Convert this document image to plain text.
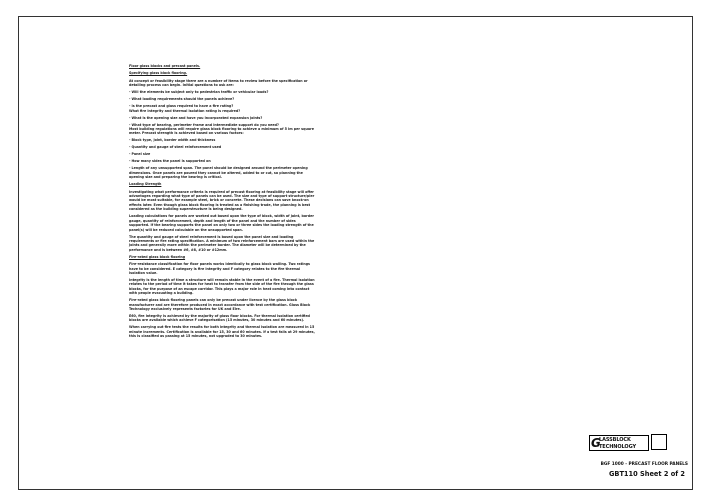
Floor glass blocks and precast panels.

Specifying glass block flooring.

At concept or feasibility stage there are a number of items to review before the specification or detailing process can begin. Initial questions to ask are:

- Will the elements be subject only to pedestrian traffic or vehicular loads?

- What loading requirements should the panels achieve?

- Is the precast and glass required to have a fire rating?
What fire integrity and thermal isolation rating is required?

- What is the opening size and have you incorporated expansion joints?

- What type of bearing, perimeter frame and intermediate support do you need?
Most building regulations will require glass block flooring to achieve a minimum of 5 lm per square meter. Precast strength is achieved based on various factors:

- Block type, joint, border width and thickness

- Quantity and gauge of steel reinforcement used

- Panel size

- How many sides the panel is supported on

- Length of any unsupported span. The panel should be designed around the perimeter opening dimensions. Once panels are poured they cannot be altered, added to or cut, so planning the opening size and preparing the bearing is critical.

Loading Strength

Investigating what performance criteria is required of precast flooring at feasibility stage will offer advantages regarding what type of panels can be used. The size and type of support structure/pier would be most suitable, for example steel, brick or concrete. These decisions can save knock-on effects later. Even though glass block flooring is treated as a finishing trade, the planning is best considered as the building superstructure is being designed.

Loading calculations for panels are worked out based upon the type of block, width of joint, border gauge, quantity of reinforcement, depth and length of the panel and the number of sides supported. If the bearing supports the panel on only two or three sides the loading strength of the panel(s) will be reduced calculable on the unsupported span.

The quantity and gauge of steel reinforcement is based upon the panel size and loading requirements or fire rating specification. A minimum of two reinforcement bars are used within the joints and generally more within the perimeter border. The diameter will be determined by the performance and is between #6, #8, #10 or #12mm.

Fire-rated glass block flooring

Fire-resistance classification for floor panels works identically to glass block walling. Two ratings have to be considered. E category is fire integrity and F category relates to the fire thermal isolation value.

Integrity is the length of time a structure will remain stable in the event of a fire. Thermal isolation relates to the period of time it takes for heat to transfer from the side of the fire through the glass blocks, for the purpose of an escape corridor. This plays a major role in heat coming into contact with people evacuating a building.

Fire-rated glass block flooring panels can only be precast under licence by the glass block manufacturer and are therefore produced in exact accordance with test certification. Glass Block Technology exclusively represents factories for UK and Eire.

E60, fire integrity is achieved by the majority of glass floor blocks. For thermal isolation certified blocks are available which achieve F categorisation (15 minutes, 30 minutes and 60 minutes).

When carrying out fire tests the results for both integrity and thermal isolation are measured in 15 minute increments. Certification is available for 15, 30 and 60 minutes. If a test fails at 29 minutes, this is classified as passing at 15 minutes, not upgraded to 30 minutes.

G
LASSBLOCK
TECHNOLOGY
BGF 1000 - PRECAST FLOOR PANELS
GBT110 Sheet 2 of 2
